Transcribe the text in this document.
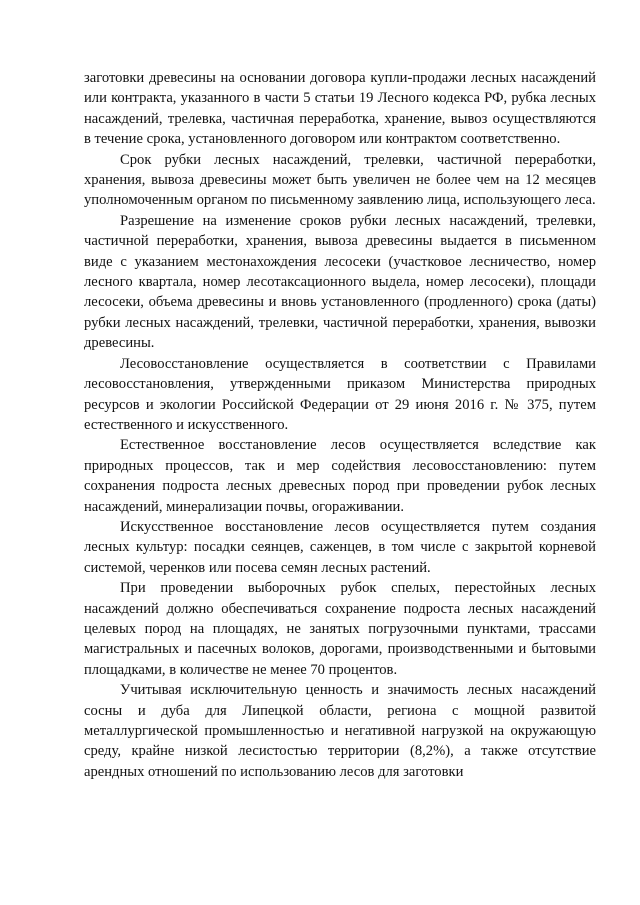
заготовки древесины на основании договора купли-продажи лесных насаждений или контракта, указанного в части 5 статьи 19 Лесного кодекса РФ, рубка лесных насаждений, трелевка, частичная переработка, хранение, вывоз осуществляются в течение срока, установленного договором или контрактом соответственно.

Срок рубки лесных насаждений, трелевки, частичной переработки, хранения, вывоза древесины может быть увеличен не более чем на 12 месяцев уполномоченным органом по письменному заявлению лица, использующего леса.

Разрешение на изменение сроков рубки лесных насаждений, трелевки, частичной переработки, хранения, вывоза древесины выдается в письменном виде с указанием местонахождения лесосеки (участковое лесничество, номер лесного квартала, номер лесотаксационного выдела, номер лесосеки), площади лесосеки, объема древесины и вновь установленного (продленного) срока (даты) рубки лесных насаждений, трелевки, частичной переработки, хранения, вывозки древесины.

Лесовосстановление осуществляется в соответствии с Правилами лесовосстановления, утвержденными приказом Министерства природных ресурсов и экологии Российской Федерации от 29 июня 2016 г. № 375, путем естественного и искусственного.

Естественное восстановление лесов осуществляется вследствие как природных процессов, так и мер содействия лесовосстановлению: путем сохранения подроста лесных древесных пород при проведении рубок лесных насаждений, минерализации почвы, огораживании.

Искусственное восстановление лесов осуществляется путем создания лесных культур: посадки сеянцев, саженцев, в том числе с закрытой корневой системой, черенков или посева семян лесных растений.

При проведении выборочных рубок спелых, перестойных лесных насаждений должно обеспечиваться сохранение подроста лесных насаждений целевых пород на площадях, не занятых погрузочными пунктами, трассами магистральных и пасечных волоков, дорогами, производственными и бытовыми площадками, в количестве не менее 70 процентов.

Учитывая исключительную ценность и значимость лесных насаждений сосны и дуба для Липецкой области, региона с мощной развитой металлургической промышленностью и негативной нагрузкой на окружающую среду, крайне низкой лесистостью территории (8,2%), а также отсутствие арендных отношений по использованию лесов для заготовки
